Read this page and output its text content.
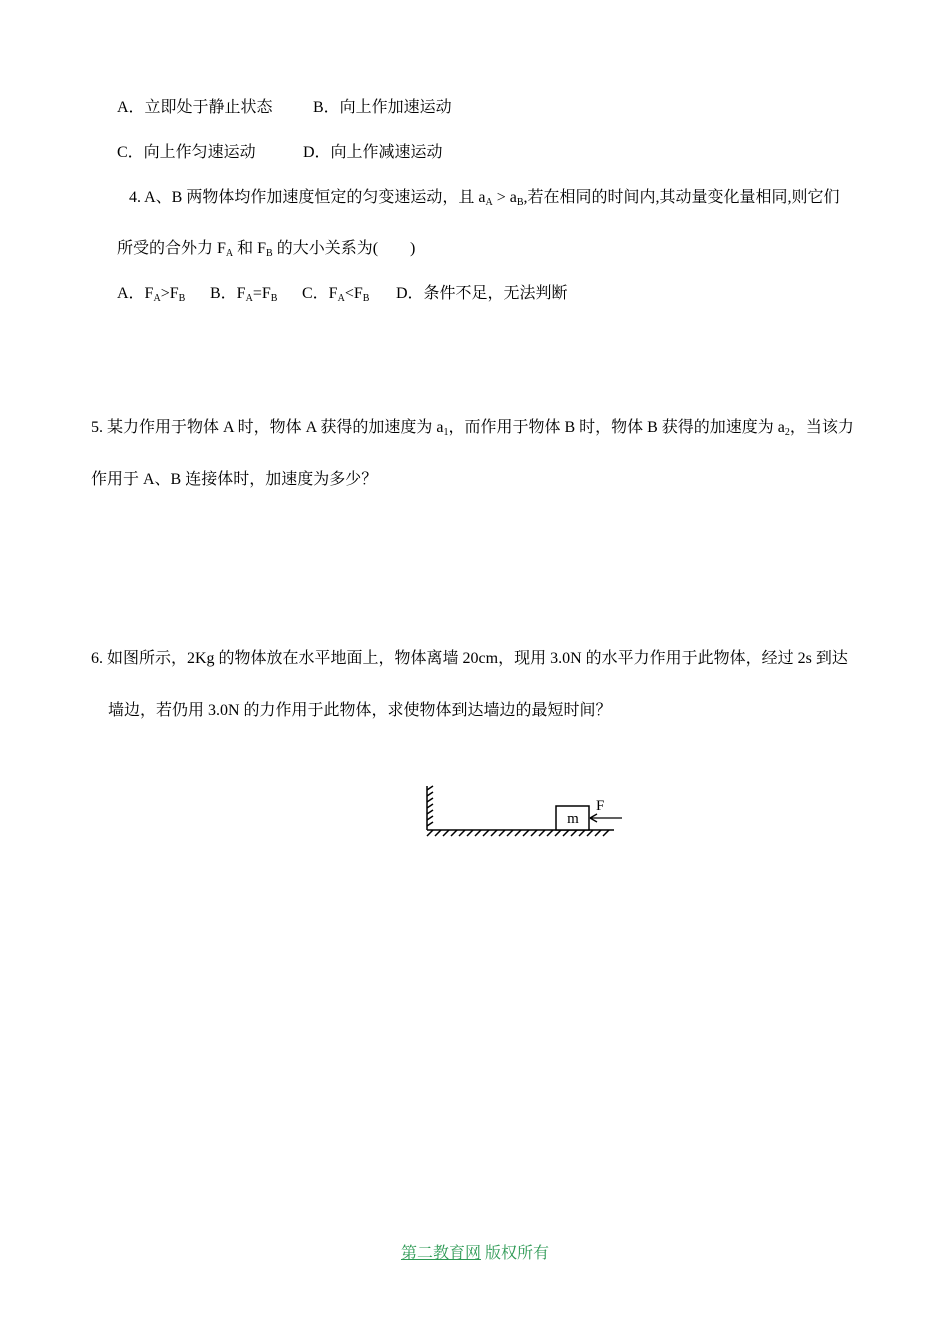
A．立即处于静止状态	B．向上作加速运动
C．向上作匀速运动	D．向上作减速运动
4. A、B 两物体均作加速度恒定的匀变速运动，且 $a_A > a_B$,若在相同的时间内,其动量变化量相同,则它们
所受的合外力 $F_A$ 和 $F_B$ 的大小关系为(　　)
A．$F_A>F_B$ B．$F_A=F_B$ C．$F_A<F_B$ D．条件不足，无法判断
5. 某力作用于物体 A 时，物体 A 获得的加速度为 $a_1$，而作用于物体 B 时，物体 B 获得的加速度为 $a_2$，当该力
作用于 A、B 连接体时，加速度为多少？
6. 如图所示，2Kg 的物体放在水平地面上，物体离墙 20cm，现用 3.0N 的水平力作用于此物体，经过 2s 到达
墙边，若仍用 3.0N 的力作用于此物体，求使物体到达墙边的最短时间？
m
F
第二教育网 版权所有
